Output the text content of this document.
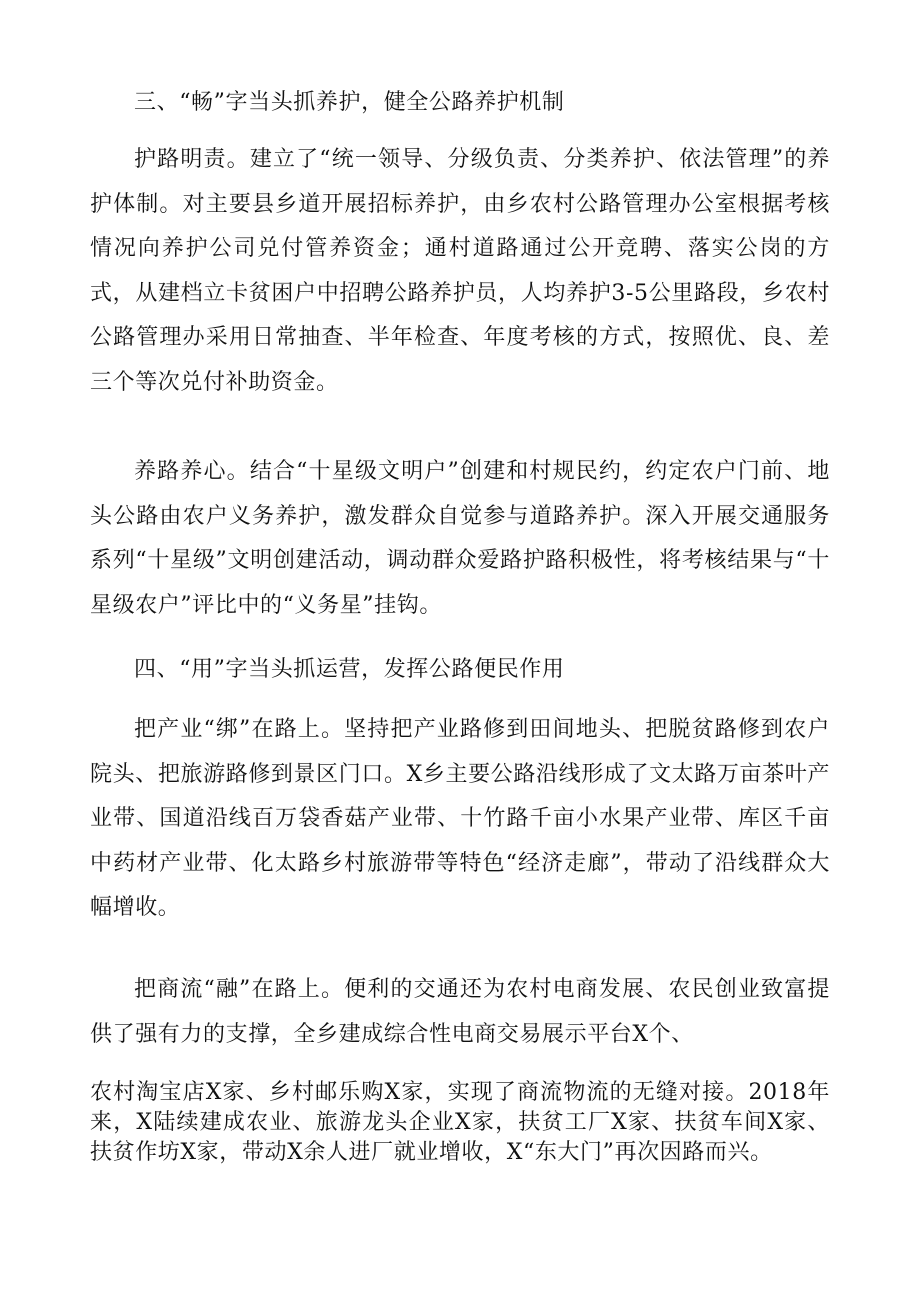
三、“畅”字当头抓养护，健全公路养护机制

护路明责。建立了“统一领导、分级负责、分类养护、依法管理”的养护体制。对主要县乡道开展招标养护，由乡农村公路管理办公室根据考核情况向养护公司兑付管养资金；通村道路通过公开竞聘、落实公岗的方式，从建档立卡贫困户中招聘公路养护员，人均养护3-5公里路段，乡农村公路管理办采用日常抽查、半年检查、年度考核的方式，按照优、良、差三个等次兑付补助资金。

养路养心。结合“十星级文明户”创建和村规民约，约定农户门前、地头公路由农户义务养护，激发群众自觉参与道路养护。深入开展交通服务系列“十星级”文明创建活动，调动群众爱路护路积极性，将考核结果与“十星级农户”评比中的“义务星”挂钩。

四、“用”字当头抓运营，发挥公路便民作用

把产业“绑”在路上。坚持把产业路修到田间地头、把脱贫路修到农户院头、把旅游路修到景区门口。X乡主要公路沿线形成了文太路万亩茶叶产业带、国道沿线百万袋香菇产业带、十竹路千亩小水果产业带、库区千亩中药材产业带、化太路乡村旅游带等特色“经济走廊”，带动了沿线群众大幅增收。

把商流“融”在路上。便利的交通还为农村电商发展、农民创业致富提供了强有力的支撑，全乡建成综合性电商交易展示平台X个、

农村淘宝店X家、乡村邮乐购X家，实现了商流物流的无缝对接。2018年来，X陆续建成农业、旅游龙头企业X家，扶贫工厂X家、扶贫车间X家、扶贫作坊X家，带动X余人进厂就业增收，X“东大门”再次因路而兴。
